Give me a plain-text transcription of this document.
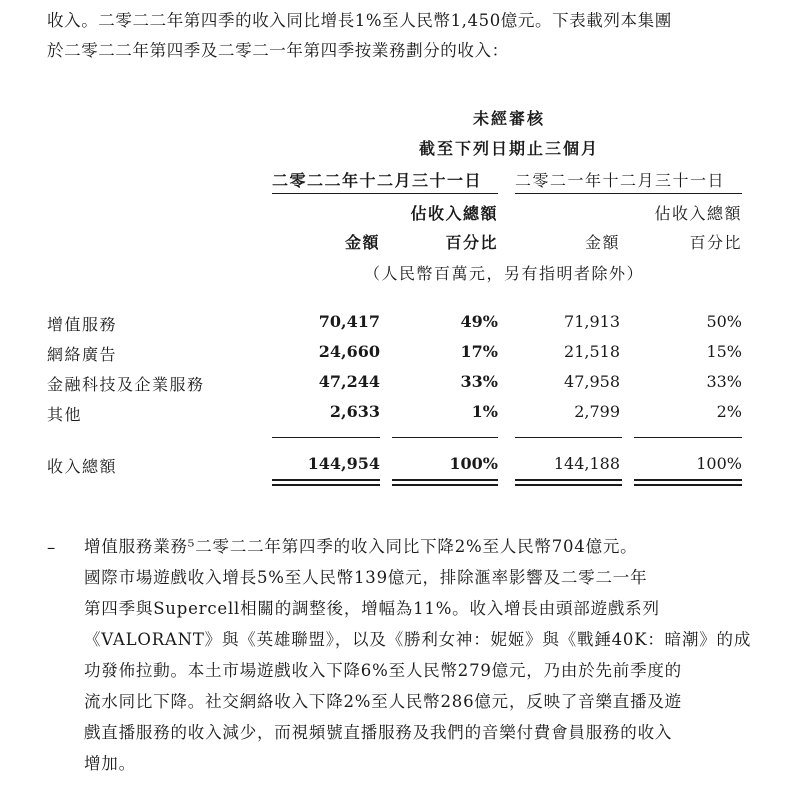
收入。二零二二年第四季的收入同比增長1%至人民幣1,450億元。下表載列本集團

於二零二二年第四季及二零二一年第四季按業務劃分的收入：

未經審核
截至下列日期止三個月
二零二二年十二月三十一日 二零二一年十二月三十一日
佔收入總額	佔收入總額
金額	百分比	金額	百分比
（人民幣百萬元，另有指明者除外）
增值服務	70,417	49%	71,913	50%
網絡廣告	24,660	17%	21,518	15%
金融科技及企業服務	47,244	33%	47,958	33%
其他	2,633	1%	2,799	2%
收入總額	144,954	100%	144,188	100%
– 增值服務業務⁵二零二二年第四季的收入同比下降2%至人民幣704億元。

國際市場遊戲收入增長5%至人民幣139億元，排除滙率影響及二零二一年

第四季與Supercell相關的調整後，增幅為11%。收入增長由頭部遊戲系列

《VALORANT》與《英雄聯盟》，以及《勝利女神：妮姬》與《戰錘40K：暗潮》的成

功發佈拉動。本土市場遊戲收入下降6%至人民幣279億元，乃由於先前季度的

流水同比下降。社交網絡收入下降2%至人民幣286億元，反映了音樂直播及遊

戲直播服務的收入減少，而視頻號直播服務及我們的音樂付費會員服務的收入

增加。
